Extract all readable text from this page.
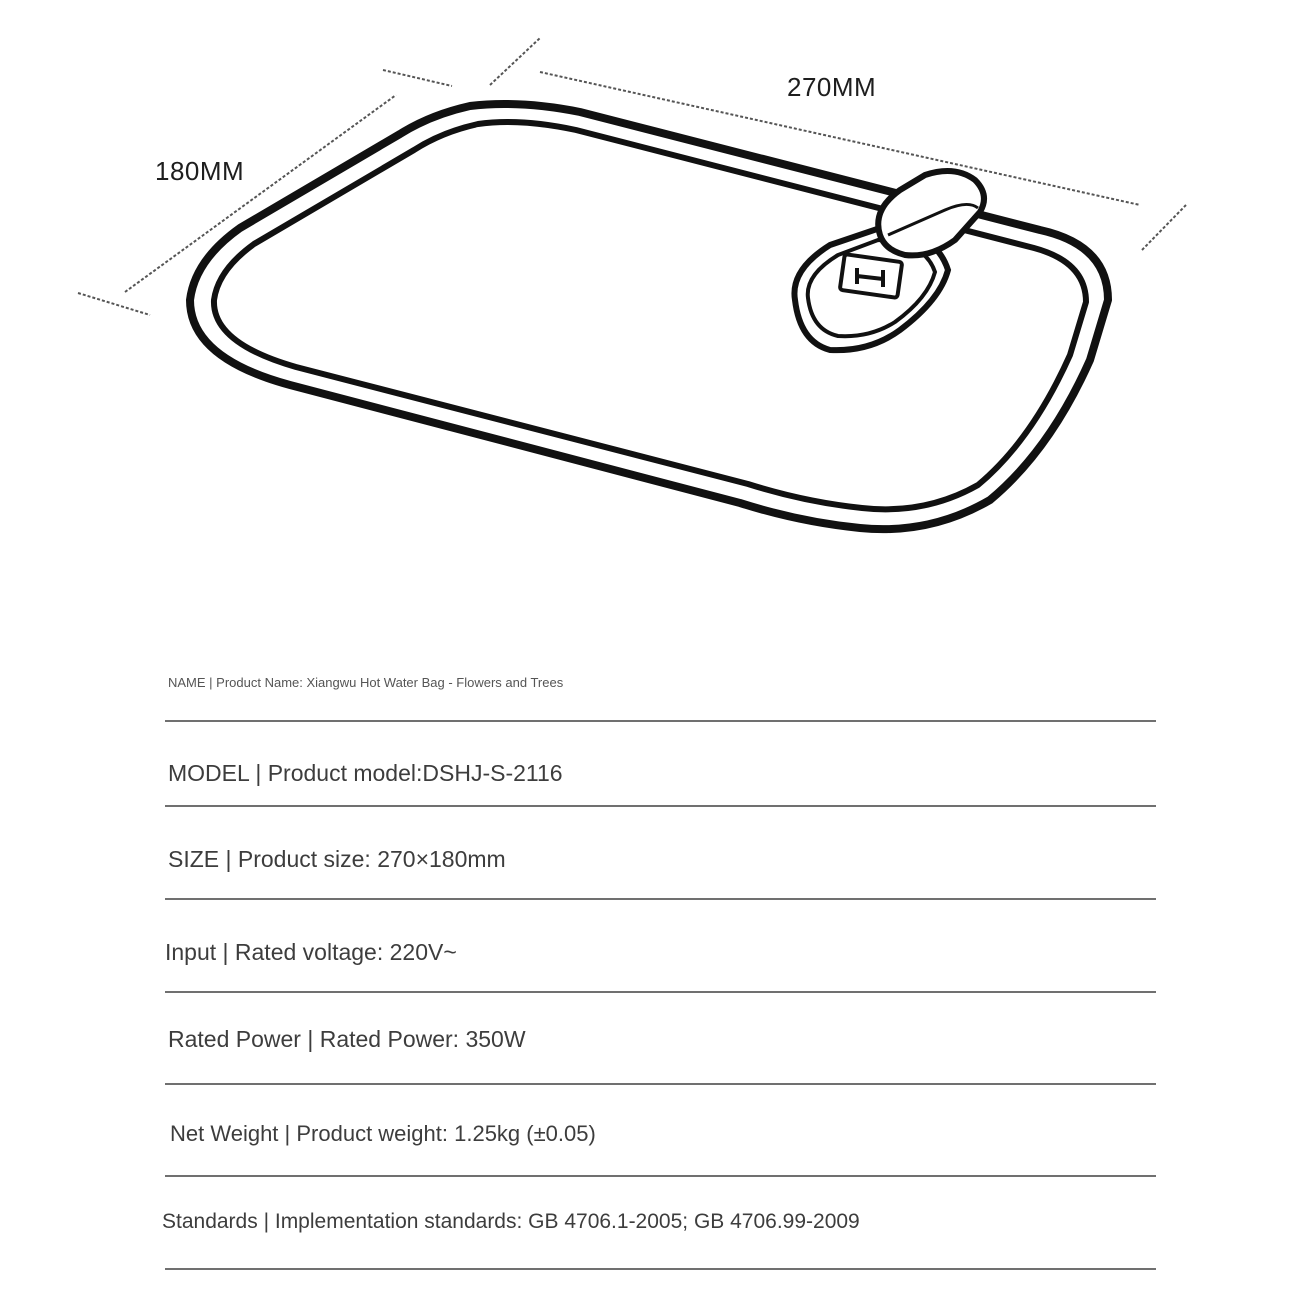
270MM
180MM
NAME | Product Name: Xiangwu Hot Water Bag - Flowers and Trees
MODEL | Product model:DSHJ-S-2116
SIZE | Product size: 270×180mm
Input | Rated voltage: 220V~
Rated Power | Rated Power: 350W
Net Weight | Product weight: 1.25kg (±0.05)
Standards | Implementation standards: GB 4706.1-2005; GB 4706.99-2009
